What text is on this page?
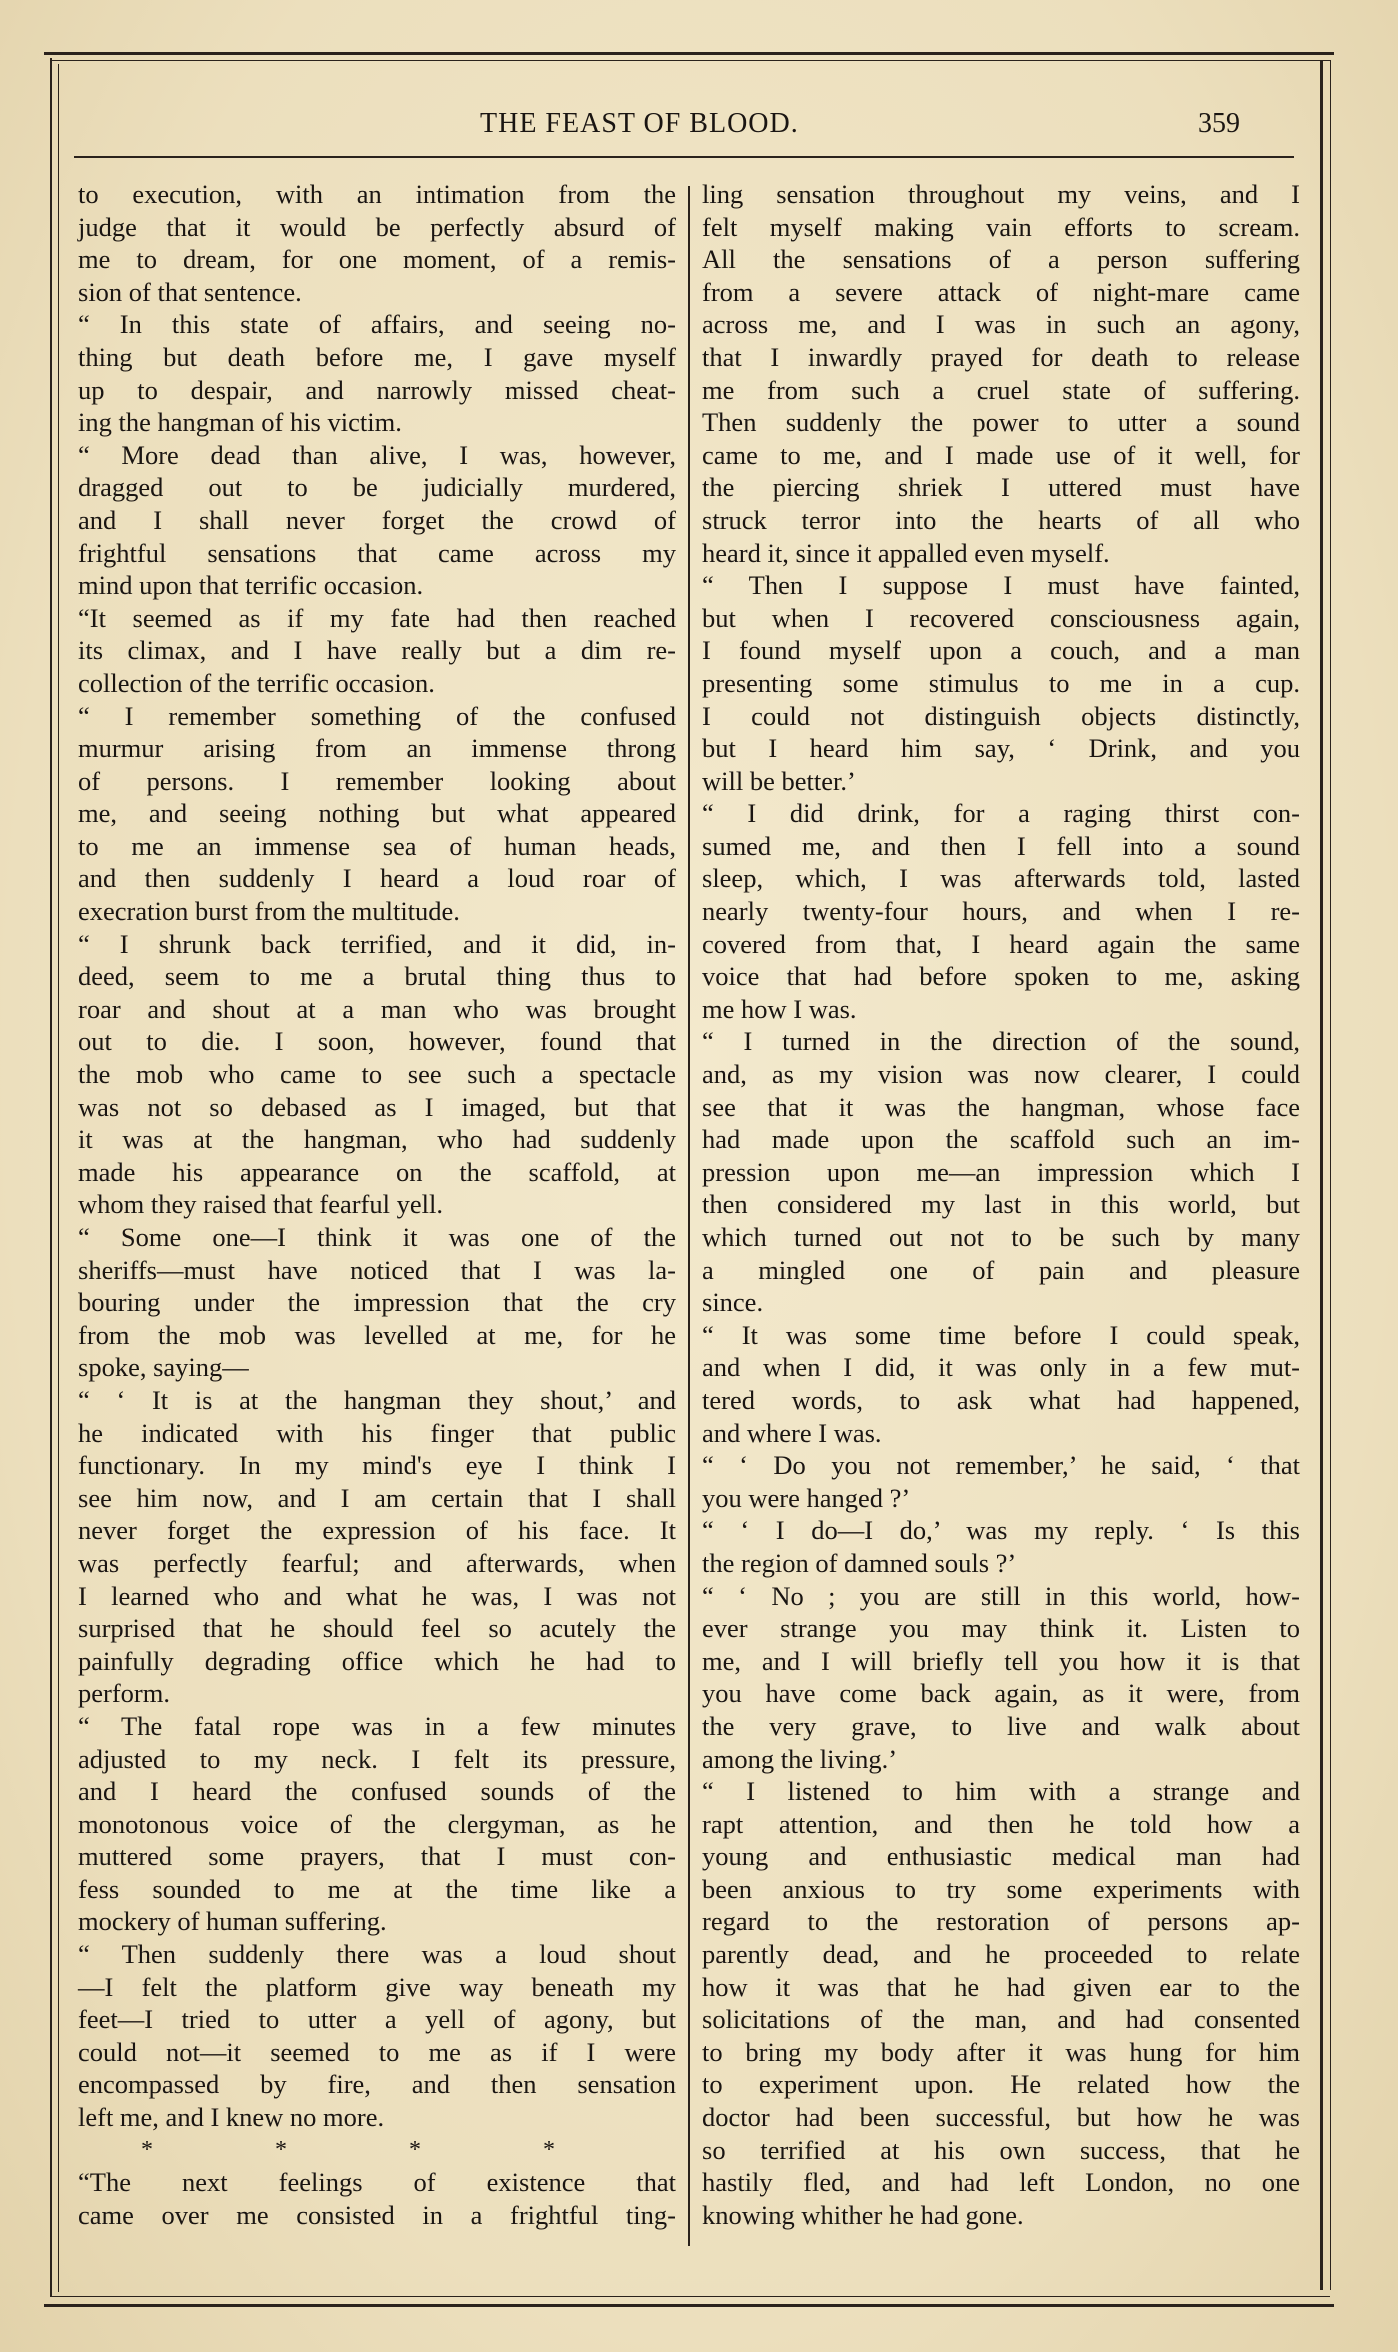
THE FEAST OF BLOOD.	359
to execution, with an intimation from the
judge that it would be perfectly absurd of
me to dream, for one moment, of a remis-
sion of that sentence.
“ In this state of affairs, and seeing no-
thing but death before me, I gave myself
up to despair, and narrowly missed cheat-
ing the hangman of his victim.
“ More dead than alive, I was, however,
dragged out to be judicially murdered,
and I shall never forget the crowd of
frightful sensations that came across my
mind upon that terrific occasion.
“It seemed as if my fate had then reached
its climax, and I have really but a dim re-
collection of the terrific occasion.
“ I remember something of the confused
murmur arising from an immense throng
of persons. I remember looking about
me, and seeing nothing but what appeared
to me an immense sea of human heads,
and then suddenly I heard a loud roar of
execration burst from the multitude.
“ I shrunk back terrified, and it did, in-
deed, seem to me a brutal thing thus to
roar and shout at a man who was brought
out to die. I soon, however, found that
the mob who came to see such a spectacle
was not so debased as I imaged, but that
it was at the hangman, who had suddenly
made his appearance on the scaffold, at
whom they raised that fearful yell.
“ Some one—I think it was one of the
sheriffs—must have noticed that I was la-
bouring under the impression that the cry
from the mob was levelled at me, for he
spoke, saying—
“ ‘ It is at the hangman they shout,’ and
he indicated with his finger that public
functionary. In my mind's eye I think I
see him now, and I am certain that I shall
never forget the expression of his face. It
was perfectly fearful; and afterwards, when
I learned who and what he was, I was not
surprised that he should feel so acutely the
painfully degrading office which he had to
perform.
“ The fatal rope was in a few minutes
adjusted to my neck. I felt its pressure,
and I heard the confused sounds of the
monotonous voice of the clergyman, as he
muttered some prayers, that I must con-
fess sounded to me at the time like a
mockery of human suffering.
“ Then suddenly there was a loud shout
—I felt the platform give way beneath my
feet—I tried to utter a yell of agony, but
could not—it seemed to me as if I were
encompassed by fire, and then sensation
left me, and I knew no more.
* * * *
“The next feelings of existence that
came over me consisted in a frightful ting-
ling sensation throughout my veins, and I
felt myself making vain efforts to scream.
All the sensations of a person suffering
from a severe attack of night-mare came
across me, and I was in such an agony,
that I inwardly prayed for death to release
me from such a cruel state of suffering.
Then suddenly the power to utter a sound
came to me, and I made use of it well, for
the piercing shriek I uttered must have
struck terror into the hearts of all who
heard it, since it appalled even myself.
“ Then I suppose I must have fainted,
but when I recovered consciousness again,
I found myself upon a couch, and a man
presenting some stimulus to me in a cup.
I could not distinguish objects distinctly,
but I heard him say, ‘ Drink, and you
will be better.’
“ I did drink, for a raging thirst con-
sumed me, and then I fell into a sound
sleep, which, I was afterwards told, lasted
nearly twenty-four hours, and when I re-
covered from that, I heard again the same
voice that had before spoken to me, asking
me how I was.
“ I turned in the direction of the sound,
and, as my vision was now clearer, I could
see that it was the hangman, whose face
had made upon the scaffold such an im-
pression upon me—an impression which I
then considered my last in this world, but
which turned out not to be such by many
a mingled one of pain and pleasure
since.
“ It was some time before I could speak,
and when I did, it was only in a few mut-
tered words, to ask what had happened,
and where I was.
“ ‘ Do you not remember,’ he said, ‘ that
you were hanged ?’
“ ‘ I do—I do,’ was my reply. ‘ Is this
the region of damned souls ?’
“ ‘ No ; you are still in this world, how-
ever strange you may think it. Listen to
me, and I will briefly tell you how it is that
you have come back again, as it were, from
the very grave, to live and walk about
among the living.’
“ I listened to him with a strange and
rapt attention, and then he told how a
young and enthusiastic medical man had
been anxious to try some experiments with
regard to the restoration of persons ap-
parently dead, and he proceeded to relate
how it was that he had given ear to the
solicitations of the man, and had consented
to bring my body after it was hung for him
to experiment upon. He related how the
doctor had been successful, but how he was
so terrified at his own success, that he
hastily fled, and had left London, no one
knowing whither he had gone.
